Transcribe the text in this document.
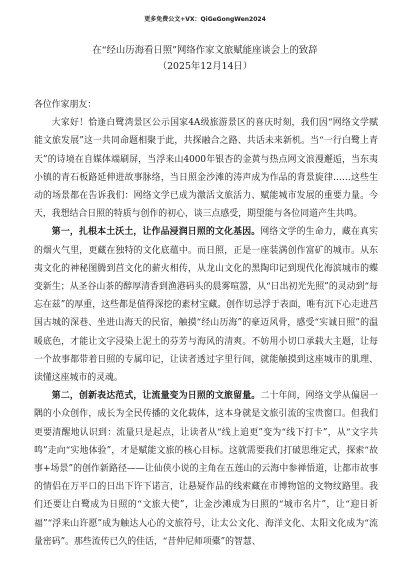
更多免费公文+VX：QiGeGongWen2024
在“经山历海看日照”网络作家文旅赋能座谈会上的致辞
（2025年12月14日）

各位作家朋友：

大家好！恰逢白鹭湾景区公示国家4A级旅游景区的喜庆时刻，我们因“网络文学赋能文旅发展”这一共同命题相聚于此，共探融合之路、共话未来新机。当“一行白鹭上青天”的诗境在自媒体端刷屏，当浮来山4000年银杏的金黄与热点网文浪漫邂逅，当东夷小镇的青石板路延伸进故事脉络，当日照金沙滩的涛声成为作品的背景旋律……这些生动的场景都在告诉我们：网络文学已成为激活文旅活力、赋能城市发展的重要力量。今天，我想结合日照的特质与创作的初心，谈三点感受，期望能与各位同道产生共鸣。

第一，扎根本土沃土，让作品浸润日照的文化基因。网络文学的生命力，藏在真实的烟火气里，更藏在独特的文化底蕴中。而日照，正是一座装满创作富矿的城市。从东夷文化的神秘图腾到莒文化的薪火相传，从龙山文化的黑陶印记到现代化海滨城市的蝶变新生；从圣谷山茶的醇厚清香到渔港码头的晨雾喧嚣，从“日出初光先照”的灵动到“每忘在兹”的厚重，这些都是值得深挖的素材宝藏。创作切忌浮于表面，唯有沉下心走进莒国古城的深巷、坐进山海天的民宿，触摸“经山历海”的豪迈风骨，感受“实诚日照”的温暖底色，才能让文字浸染上泥土的芬芳与海风的清爽。不妨用小切口承载大主题，让每一个故事都带着日照的专属印记，让读者透过字里行间，就能触摸到这座城市的肌理、读懂这座城市的灵魂。

第二，创新表达范式，让流量变为日照的文旅留量。二十年间，网络文学从偏居一隅的小众创作，成长为全民传播的文化载体，这本身就是文旅引流的宝贵窗口。但我们更要清醒地认识到：流量只是起点，让读者从“线上追更”变为“线下打卡”，从“文字共鸣”走向“实地体验”，才是赋能文旅的核心目标。这就需要我们打破思维定式，探索“故事+场景”的创作新路径——让仙侠小说的主角在五莲山的云海中参禅悟道，让都市故事的情侣在万平口的日出下许下诺言，让悬疑作品的线索藏在市博物馆的文物纹路里。我们还要让白鹭成为日照的“文旅大使”，让金沙滩成为日照的“城市名片”，让“迎日祈福”“浮来山许愿”成为触达人心的文旅符号，让太公文化、海洋文化、太阳文化成为“流量密码”。那些流传已久的佳话，“昔仲尼师项橐”的智慧、
